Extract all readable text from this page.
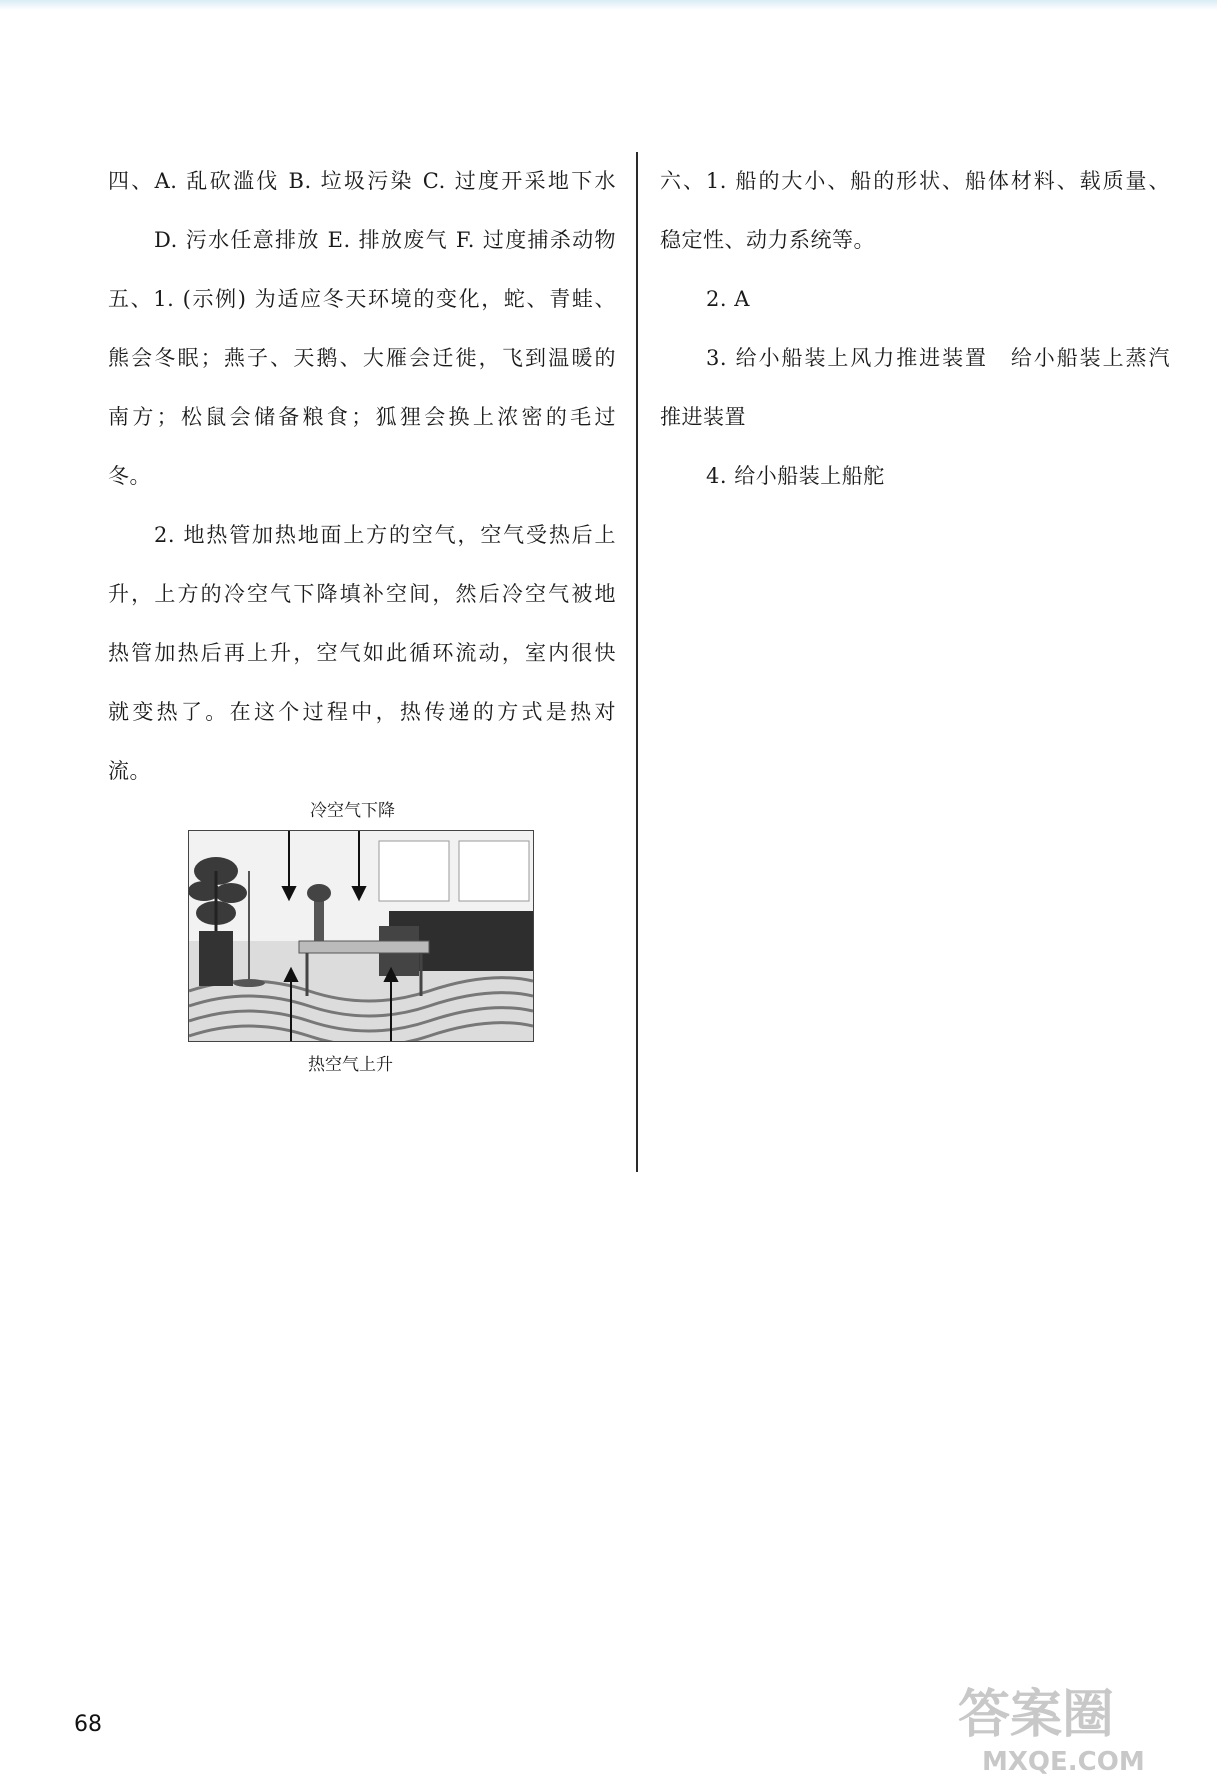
四、A. 乱砍滥伐 B. 垃圾污染 C. 过度开采地下水
D. 污水任意排放 E. 排放废气 F. 过度捕杀动物
五、1. (示例) 为适应冬天环境的变化，蛇、青蛙、
熊会冬眠；燕子、天鹅、大雁会迁徙，飞到温暖的
南方；松鼠会储备粮食；狐狸会换上浓密的毛过
冬。
2. 地热管加热地面上方的空气，空气受热后上
升，上方的冷空气下降填补空间，然后冷空气被地
热管加热后再上升，空气如此循环流动，室内很快
就变热了。在这个过程中，热传递的方式是热对
流。
冷空气下降
热空气上升
六、1. 船的大小、船的形状、船体材料、载质量、
稳定性、动力系统等。
2. A
3. 给小船装上风力推进装置　给小船装上蒸汽
推进装置
4. 给小船装上船舵
68	答案圈
MXQE.COM
